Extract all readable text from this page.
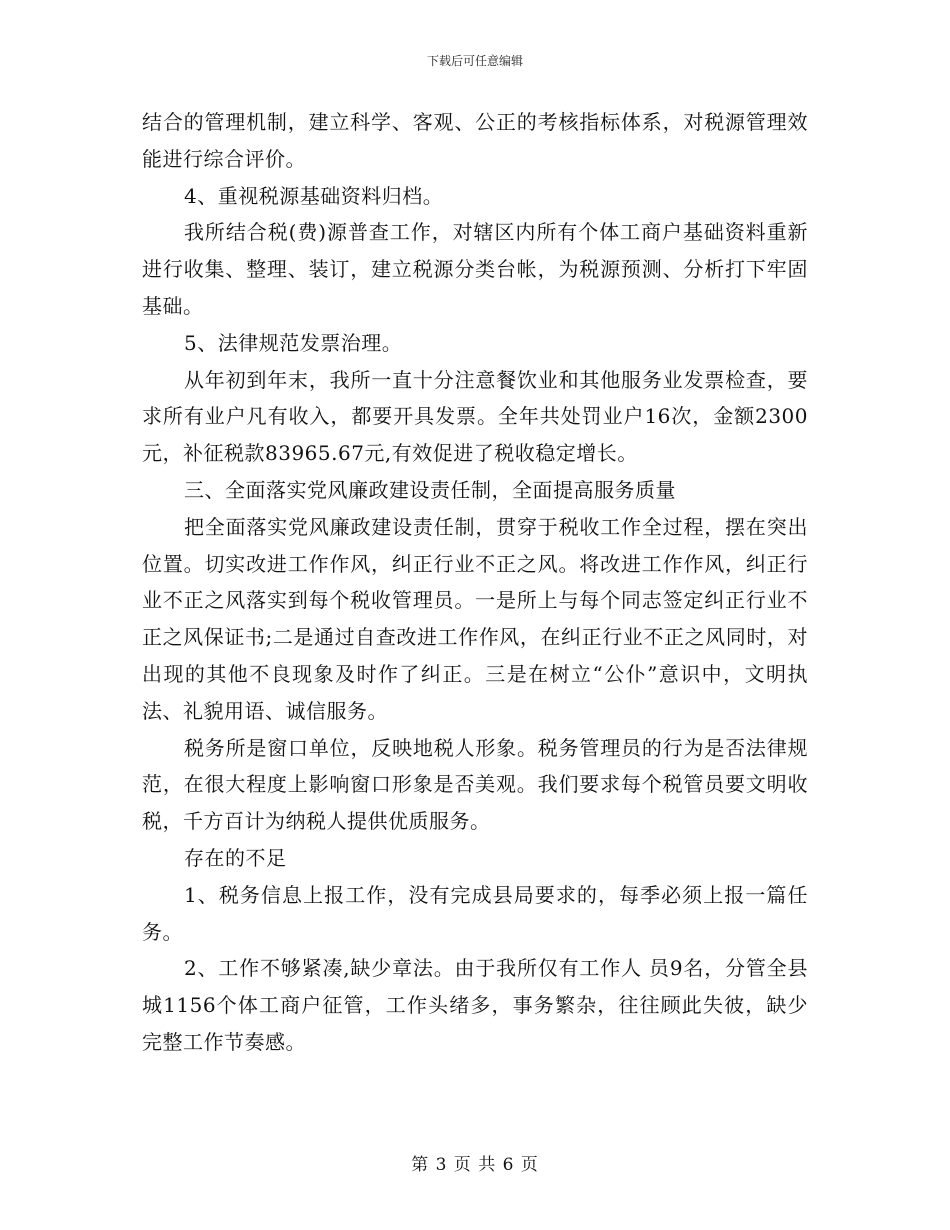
下载后可任意编辑

结合的管理机制，建立科学、客观、公正的考核指标体系，对税源管理效能进行综合评价。

4、重视税源基础资料归档。

我所结合税(费)源普查工作，对辖区内所有个体工商户基础资料重新进行收集、整理、装订，建立税源分类台帐，为税源预测、分析打下牢固基础。

5、法律规范发票治理。

从年初到年末，我所一直十分注意餐饮业和其他服务业发票检查，要求所有业户凡有收入，都要开具发票。全年共处罚业户16次，金额2300元，补征税款83965.67元,有效促进了税收稳定增长。

三、全面落实党风廉政建设责任制，全面提高服务质量

把全面落实党风廉政建设责任制，贯穿于税收工作全过程，摆在突出位置。切实改进工作作风，纠正行业不正之风。将改进工作作风，纠正行业不正之风落实到每个税收管理员。一是所上与每个同志签定纠正行业不正之风保证书;二是通过自查改进工作作风，在纠正行业不正之风同时，对出现的其他不良现象及时作了纠正。三是在树立“公仆”意识中，文明执法、礼貌用语、诚信服务。

税务所是窗口单位，反映地税人形象。税务管理员的行为是否法律规范，在很大程度上影响窗口形象是否美观。我们要求每个税管员要文明收税，千方百计为纳税人提供优质服务。

存在的不足

1、税务信息上报工作，没有完成县局要求的，每季必须上报一篇任务。

2、工作不够紧凑,缺少章法。由于我所仅有工作人 员9名，分管全县城1156个体工商户征管，工作头绪多，事务繁杂，往往顾此失彼，缺少完整工作节奏感。

第 3 页 共 6 页
